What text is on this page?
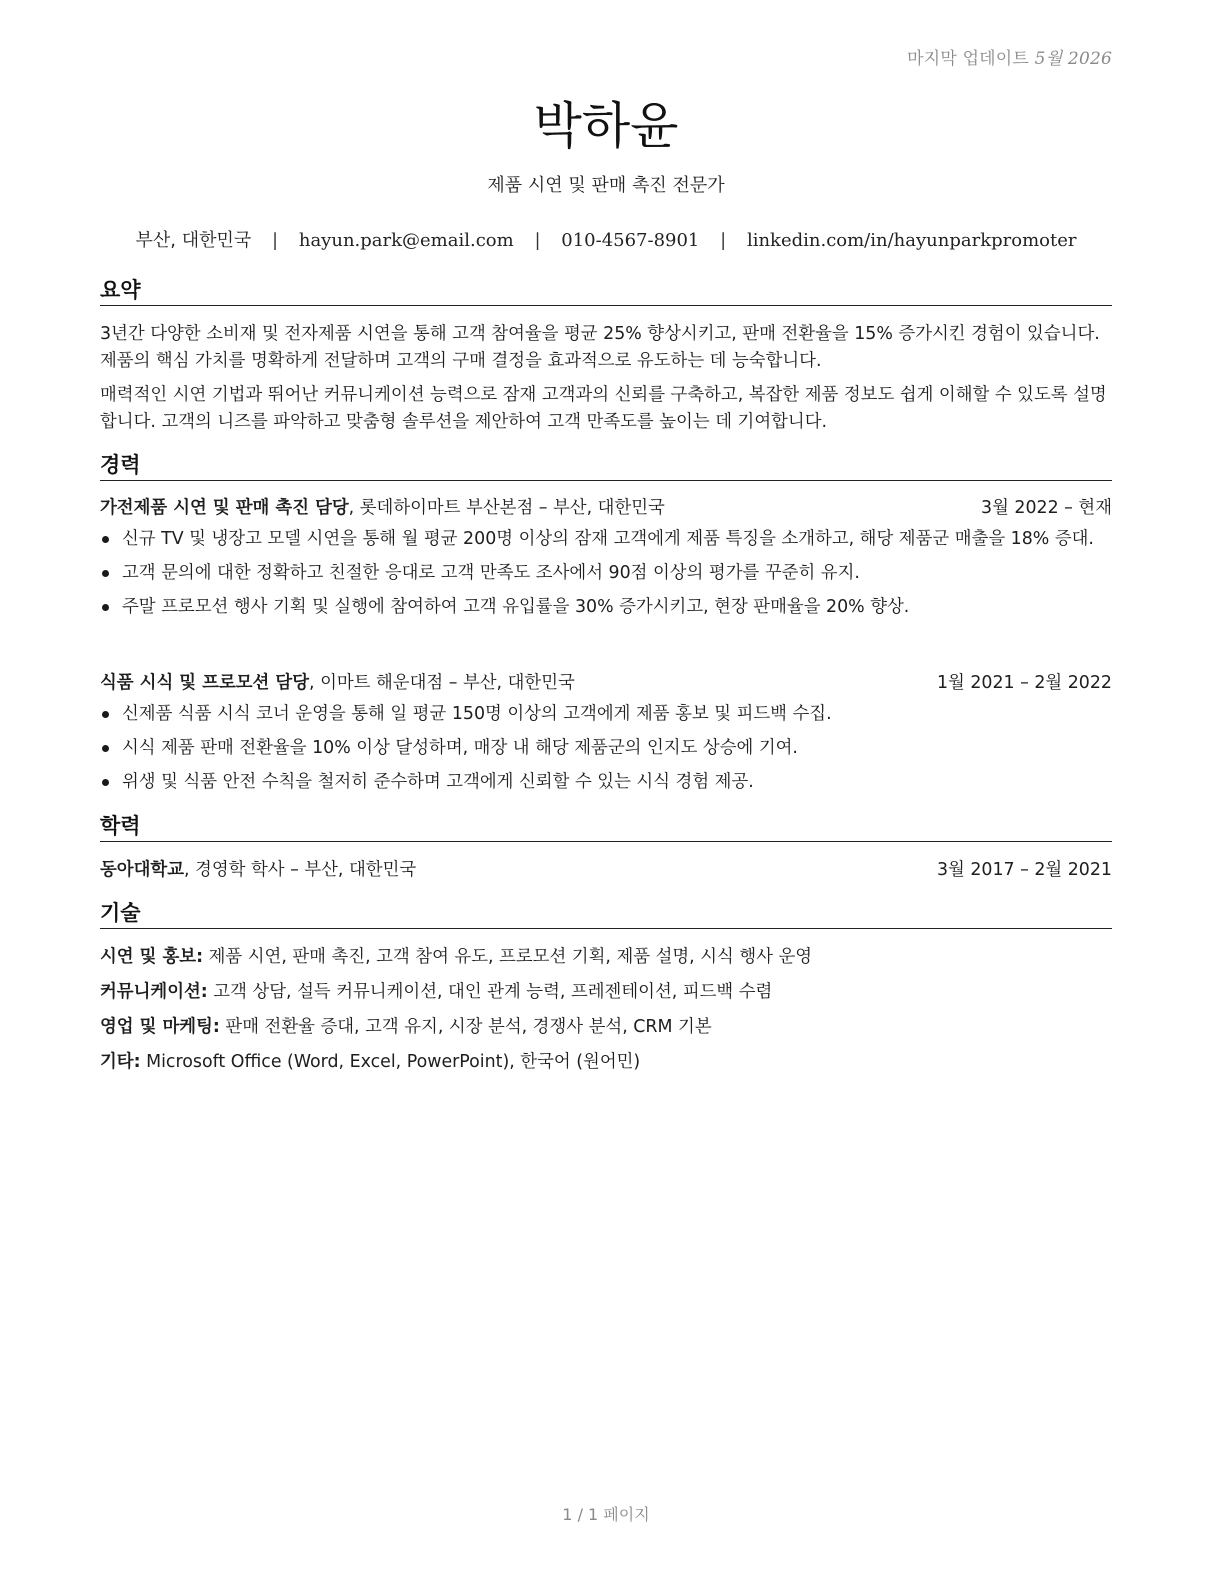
마지막 업데이트 5월 2026
박하윤
제품 시연 및 판매 촉진 전문가
부산, 대한민국 | hayun.park@email.com | 010-4567-8901 | linkedin.com/in/hayunparkpromoter
요약

3년간 다양한 소비재 및 전자제품 시연을 통해 고객 참여율을 평균 25% 향상시키고, 판매 전환율을 15% 증가시킨 경험이 있습니다. 제품의 핵심 가치를 명확하게 전달하며 고객의 구매 결정을 효과적으로 유도하는 데 능숙합니다.

매력적인 시연 기법과 뛰어난 커뮤니케이션 능력으로 잠재 고객과의 신뢰를 구축하고, 복잡한 제품 정보도 쉽게 이해할 수 있도록 설명합니다. 고객의 니즈를 파악하고 맞춤형 솔루션을 제안하여 고객 만족도를 높이는 데 기여합니다.

경력
가전제품 시연 및 판매 촉진 담당, 롯데하이마트 부산본점 – 부산, 대한민국	3월 2022 – 현재
신규 TV 및 냉장고 모델 시연을 통해 월 평균 200명 이상의 잠재 고객에게 제품 특징을 소개하고, 해당 제품군 매출을 18% 증대.
고객 문의에 대한 정확하고 친절한 응대로 고객 만족도 조사에서 90점 이상의 평가를 꾸준히 유지.
주말 프로모션 행사 기획 및 실행에 참여하여 고객 유입률을 30% 증가시키고, 현장 판매율을 20% 향상.
식품 시식 및 프로모션 담당, 이마트 해운대점 – 부산, 대한민국	1월 2021 – 2월 2022
신제품 식품 시식 코너 운영을 통해 일 평균 150명 이상의 고객에게 제품 홍보 및 피드백 수집.
시식 제품 판매 전환율을 10% 이상 달성하며, 매장 내 해당 제품군의 인지도 상승에 기여.
위생 및 식품 안전 수칙을 철저히 준수하며 고객에게 신뢰할 수 있는 시식 경험 제공.
학력
동아대학교, 경영학 학사 – 부산, 대한민국	3월 2017 – 2월 2021
기술
시연 및 홍보: 제품 시연, 판매 촉진, 고객 참여 유도, 프로모션 기획, 제품 설명, 시식 행사 운영
커뮤니케이션: 고객 상담, 설득 커뮤니케이션, 대인 관계 능력, 프레젠테이션, 피드백 수렴
영업 및 마케팅: 판매 전환율 증대, 고객 유지, 시장 분석, 경쟁사 분석, CRM 기본
기타: Microsoft Office (Word, Excel, PowerPoint), 한국어 (원어민)
1 / 1 페이지
